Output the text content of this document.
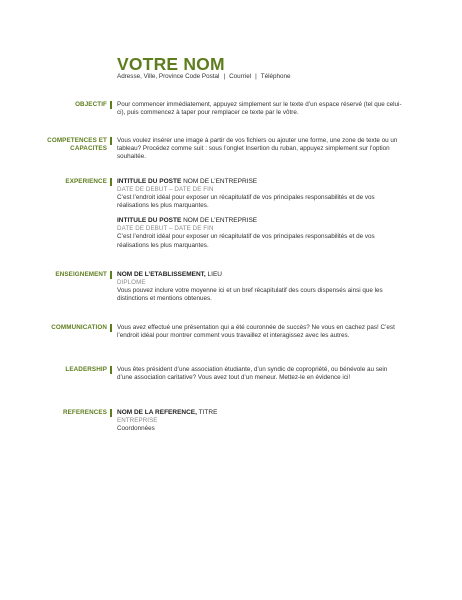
VOTRE NOM
Adresse, Ville, Province Code Postal | Courriel | Téléphone
OBJECTIF Pour commencer immédiatement, appuyez simplement sur le texte d’un espace réservé (tel que celui-ci), puis commencez à taper pour remplacer ce texte par le vôtre.
COMPETENCES ET
CAPACITES
Vous voulez insérer une image à partir de vos fichiers ou ajouter une forme, une zone de texte ou un tableau? Procédez comme suit : sous l’onglet Insertion du ruban, appuyez simplement sur l’option souhaitée.
EXPERIENCE INTITULE DU POSTE NOM DE L’ENTREPRISE
DATE DE DEBUT – DATE DE FIN

C’est l’endroit idéal pour exposer un récapitulatif de vos principales responsabilités et de vos réalisations les plus marquantes.

INTITULE DU POSTE NOM DE L’ENTREPRISE
DATE DE DEBUT – DATE DE FIN

C’est l’endroit idéal pour exposer un récapitulatif de vos principales responsabilités et de vos réalisations les plus marquantes.

ENSEIGNEMENT NOM DE L’ETABLISSEMENT, LIEU
DIPLOME

Vous pouvez inclure votre moyenne ici et un bref récapitulatif des cours dispensés ainsi que les distinctions et mentions obtenues.

COMMUNICATION Vous avez effectué une présentation qui a été couronnée de succès? Ne vous en cachez pas! C’est l’endroit idéal pour montrer comment vous travaillez et interagissez avec les autres.
LEADERSHIP Vous êtes président d’une association étudiante, d’un syndic de copropriété, ou bénévole au sein d’une association caritative? Vous avez tout d’un meneur. Mettez-le en évidence ici!
REFERENCES NOM DE LA REFERENCE, TITRE
ENTREPRISE

Coordonnées
